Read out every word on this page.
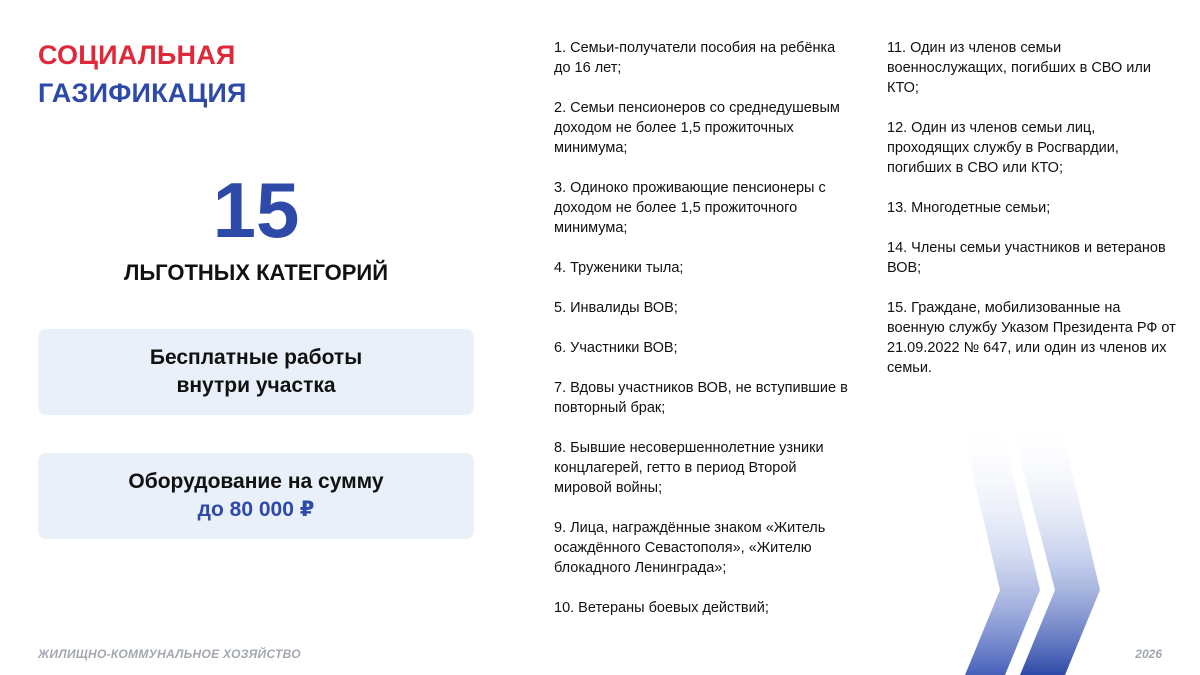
СОЦИАЛЬНАЯ
ГАЗИФИКАЦИЯ
15
ЛЬГОТНЫХ КАТЕГОРИЙ
Бесплатные работы
внутри участка
Оборудование на сумму
до 80 000 ₽
1. Семьи-получатели пособия на ребёнка до 16 лет;
2. Семьи пенсионеров со среднедушевым доходом не более 1,5 прожиточных минимума;
3. Одиноко проживающие пенсионеры с доходом не более 1,5 прожиточного минимума;
4. Труженики тыла;
5. Инвалиды ВОВ;
6. Участники ВОВ;
7. Вдовы участников ВОВ, не вступившие в повторный брак;
8. Бывшие несовершеннолетние узники концлагерей, гетто в период Второй мировой войны;
9. Лица, награждённые знаком «Житель осаждённого Севастополя», «Жителю блокадного Ленинграда»;
10. Ветераны боевых действий;
11. Один из членов семьи военнослужащих, погибших в СВО или КТО;
12. Один из членов семьи лиц, проходящих службу в Росгвардии, погибших в СВО или КТО;
13. Многодетные семьи;
14. Члены семьи участников и ветеранов ВОВ;
15. Граждане, мобилизованные на военную службу Указом Президента РФ от 21.09.2022 № 647, или один из членов их семьи.
ЖИЛИЩНО-КОММУНАЛЬНОЕ ХОЗЯЙСТВО	2026
